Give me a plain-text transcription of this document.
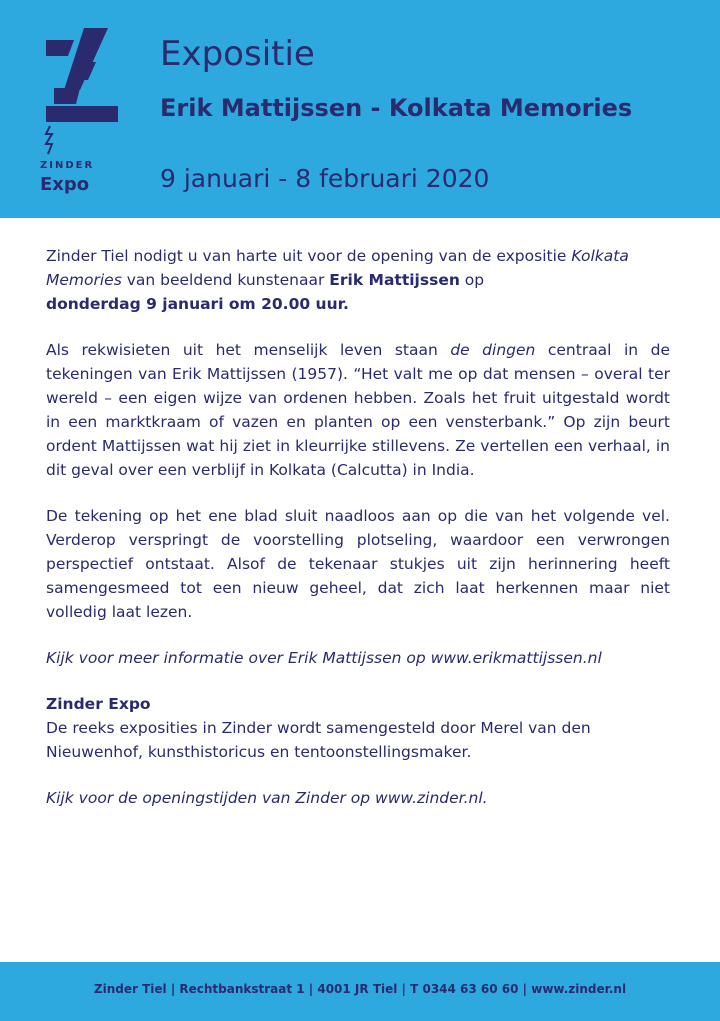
ZINDER
Expo
Expositie
Erik Mattijssen - Kolkata Memories
9 januari - 8 februari 2020

Zinder Tiel nodigt u van harte uit voor de opening van de expositie Kolkata Memories van beeldend kunstenaar Erik Mattijssen op
donderdag 9 januari om 20.00 uur.

Als rekwisieten uit het menselijk leven staan de dingen centraal in de tekeningen van Erik Mattijssen (1957). “Het valt me op dat mensen – overal ter wereld – een eigen wijze van ordenen hebben. Zoals het fruit uitgestald wordt in een marktkraam of vazen en planten op een vensterbank.” Op zijn beurt ordent Mattijssen wat hij ziet in kleurrijke stillevens. Ze vertellen een verhaal, in dit geval over een verblijf in Kolkata (Calcutta) in India.

De tekening op het ene blad sluit naadloos aan op die van het volgende vel. Verderop verspringt de voorstelling plotseling, waardoor een verwrongen perspectief ontstaat. Alsof de tekenaar stukjes uit zijn herinnering heeft samengesmeed tot een nieuw geheel, dat zich laat herkennen maar niet volledig laat lezen.

Kijk voor meer informatie over Erik Mattijssen op www.erikmattijssen.nl

Zinder Expo
De reeks exposities in Zinder wordt samengesteld door Merel van den Nieuwenhof, kunsthistoricus en tentoonstellingsmaker.

Kijk voor de openingstijden van Zinder op www.zinder.nl.

Zinder Tiel | Rechtbankstraat 1 | 4001 JR Tiel | T 0344 63 60 60 | www.zinder.nl
